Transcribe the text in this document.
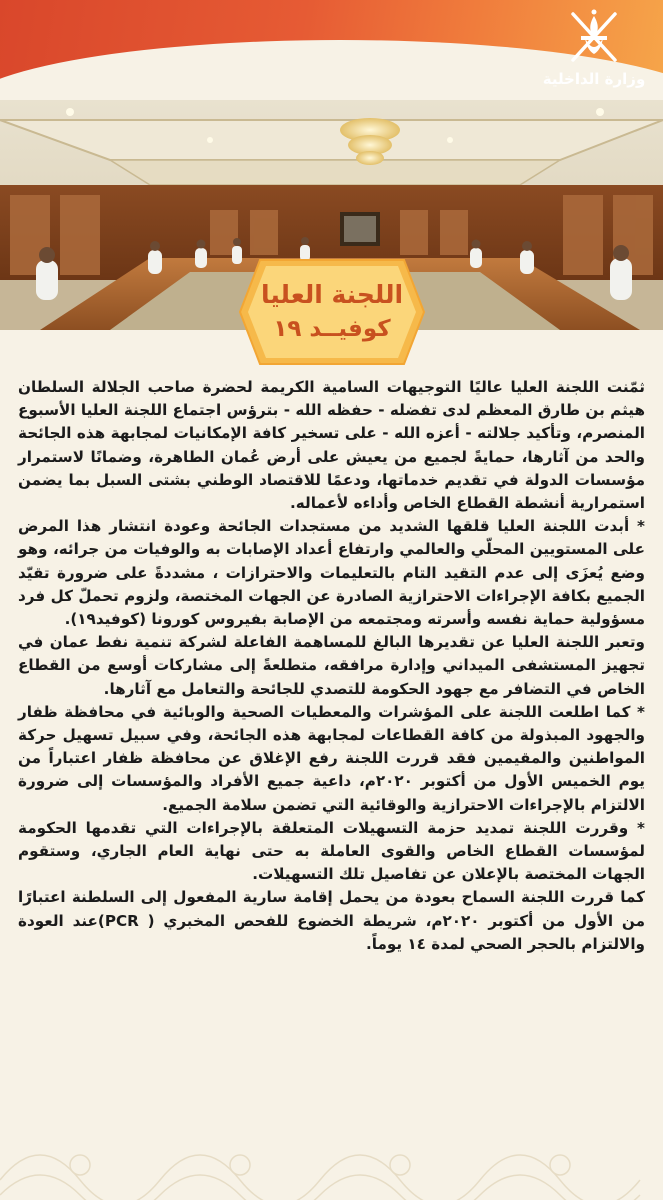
وزارة الداخلية
اللجنة العليا
كوفيــد ١٩

ثمّنت اللجنة العليا عاليًا التوجيهات السامية الكريمة لحضرة صاحب الجلالة السلطان هيثم بن طارق المعظم لدى تفضله - حفظه الله - بترؤس اجتماع اللجنة العليا الأسبوع المنصرم، وتأكيد جلالته - أعزه الله - على تسخير كافة الإمكانيات لمجابهة هذه الجائحة والحد من آثارها، حمايةً لجميع من يعيش على أرض عُمان الطاهرة، وضمانًا لاستمرار مؤسسات الدولة في تقديم خدماتها، ودعمًا للاقتصاد الوطني بشتى السبل بما يضمن استمرارية أنشطة القطاع الخاص وأداءه لأعماله.

* أبدت اللجنة العليا قلقها الشديد من مستجدات الجائحة وعودة انتشار هذا المرض على المستويين المحلّي والعالمي وارتفاع أعداد الإصابات به والوفيات من جرائه، وهو وضع يُعزَى إلى عدم التقيد التام بالتعليمات والاحترازات ، مشددةً على ضرورة تقيّد الجميع بكافة الإجراءات الاحترازية الصادرة عن الجهات المختصة، ولزوم تحملّ كل فرد مسؤولية حماية نفسه وأسرته ومجتمعه من الإصابة بفيروس كورونا (كوفيد١٩).

وتعبر اللجنة العليا عن تقديرها البالغ للمساهمة الفاعلة لشركة تنمية نفط عمان في تجهيز المستشفى الميداني وإدارة مرافقه، متطلعةً إلى مشاركات أوسع من القطاع الخاص في التضافر مع جهود الحكومة للتصدي للجائحة والتعامل مع آثارها.

* كما اطلعت اللجنة على المؤشرات والمعطيات الصحية والوبائية في محافظة ظفار والجهود المبذولة من كافة القطاعات لمجابهة هذه الجائحة، وفي سبيل تسهيل حركة المواطنين والمقيمين فقد قررت اللجنة رفع الإغلاق عن محافظة ظفار اعتباراً من يوم الخميس الأول من أكتوبر ٢٠٢٠م، داعية جميع الأفراد والمؤسسات إلى ضرورة الالتزام بالإجراءات الاحترازية والوقائية التي تضمن سلامة الجميع.

* وقررت اللجنة تمديد حزمة التسهيلات المتعلقة بالإجراءات التي تقدمها الحكومة لمؤسسات القطاع الخاص والقوى العاملة به حتى نهاية العام الجاري، وستقوم الجهات المختصة بالإعلان عن تفاصيل تلك التسهيلات.

كما قررت اللجنة السماح بعودة من يحمل إقامة سارية المفعول إلى السلطنة اعتبارًا من الأول من أكتوبر ٢٠٢٠م، شريطة الخضوع للفحص المخبري ( PCR)عند العودة والالتزام بالحجر الصحي لمدة ١٤ يوماً.
